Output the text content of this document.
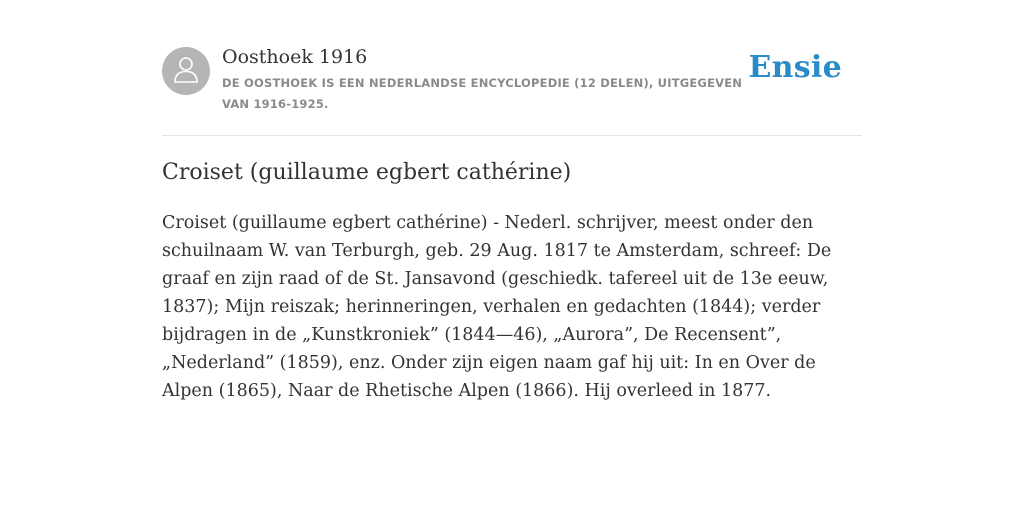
Oosthoek 1916
DE OOSTHOEK IS EEN NEDERLANDSE ENCYCLOPEDIE (12 DELEN), UITGEGEVEN VAN 1916-1925.
Ensie
Croiset (guillaume egbert cathérine)

Croiset (guillaume egbert cathérine) - Nederl. schrijver, meest onder den schuilnaam W. van Terburgh, geb. 29 Aug. 1817 te Amsterdam, schreef: De graaf en zijn raad of de St. Jansavond (geschiedk. tafereel uit de 13e eeuw, 1837); Mijn reiszak; herinneringen, verhalen en gedachten (1844); verder bijdragen in de „Kunstkroniek” (1844—46), „Aurora”, De Recensent”, „Nederland” (1859), enz. Onder zijn eigen naam gaf hij uit: In en Over de Alpen (1865), Naar de Rhetische Alpen (1866). Hij overleed in 1877.
